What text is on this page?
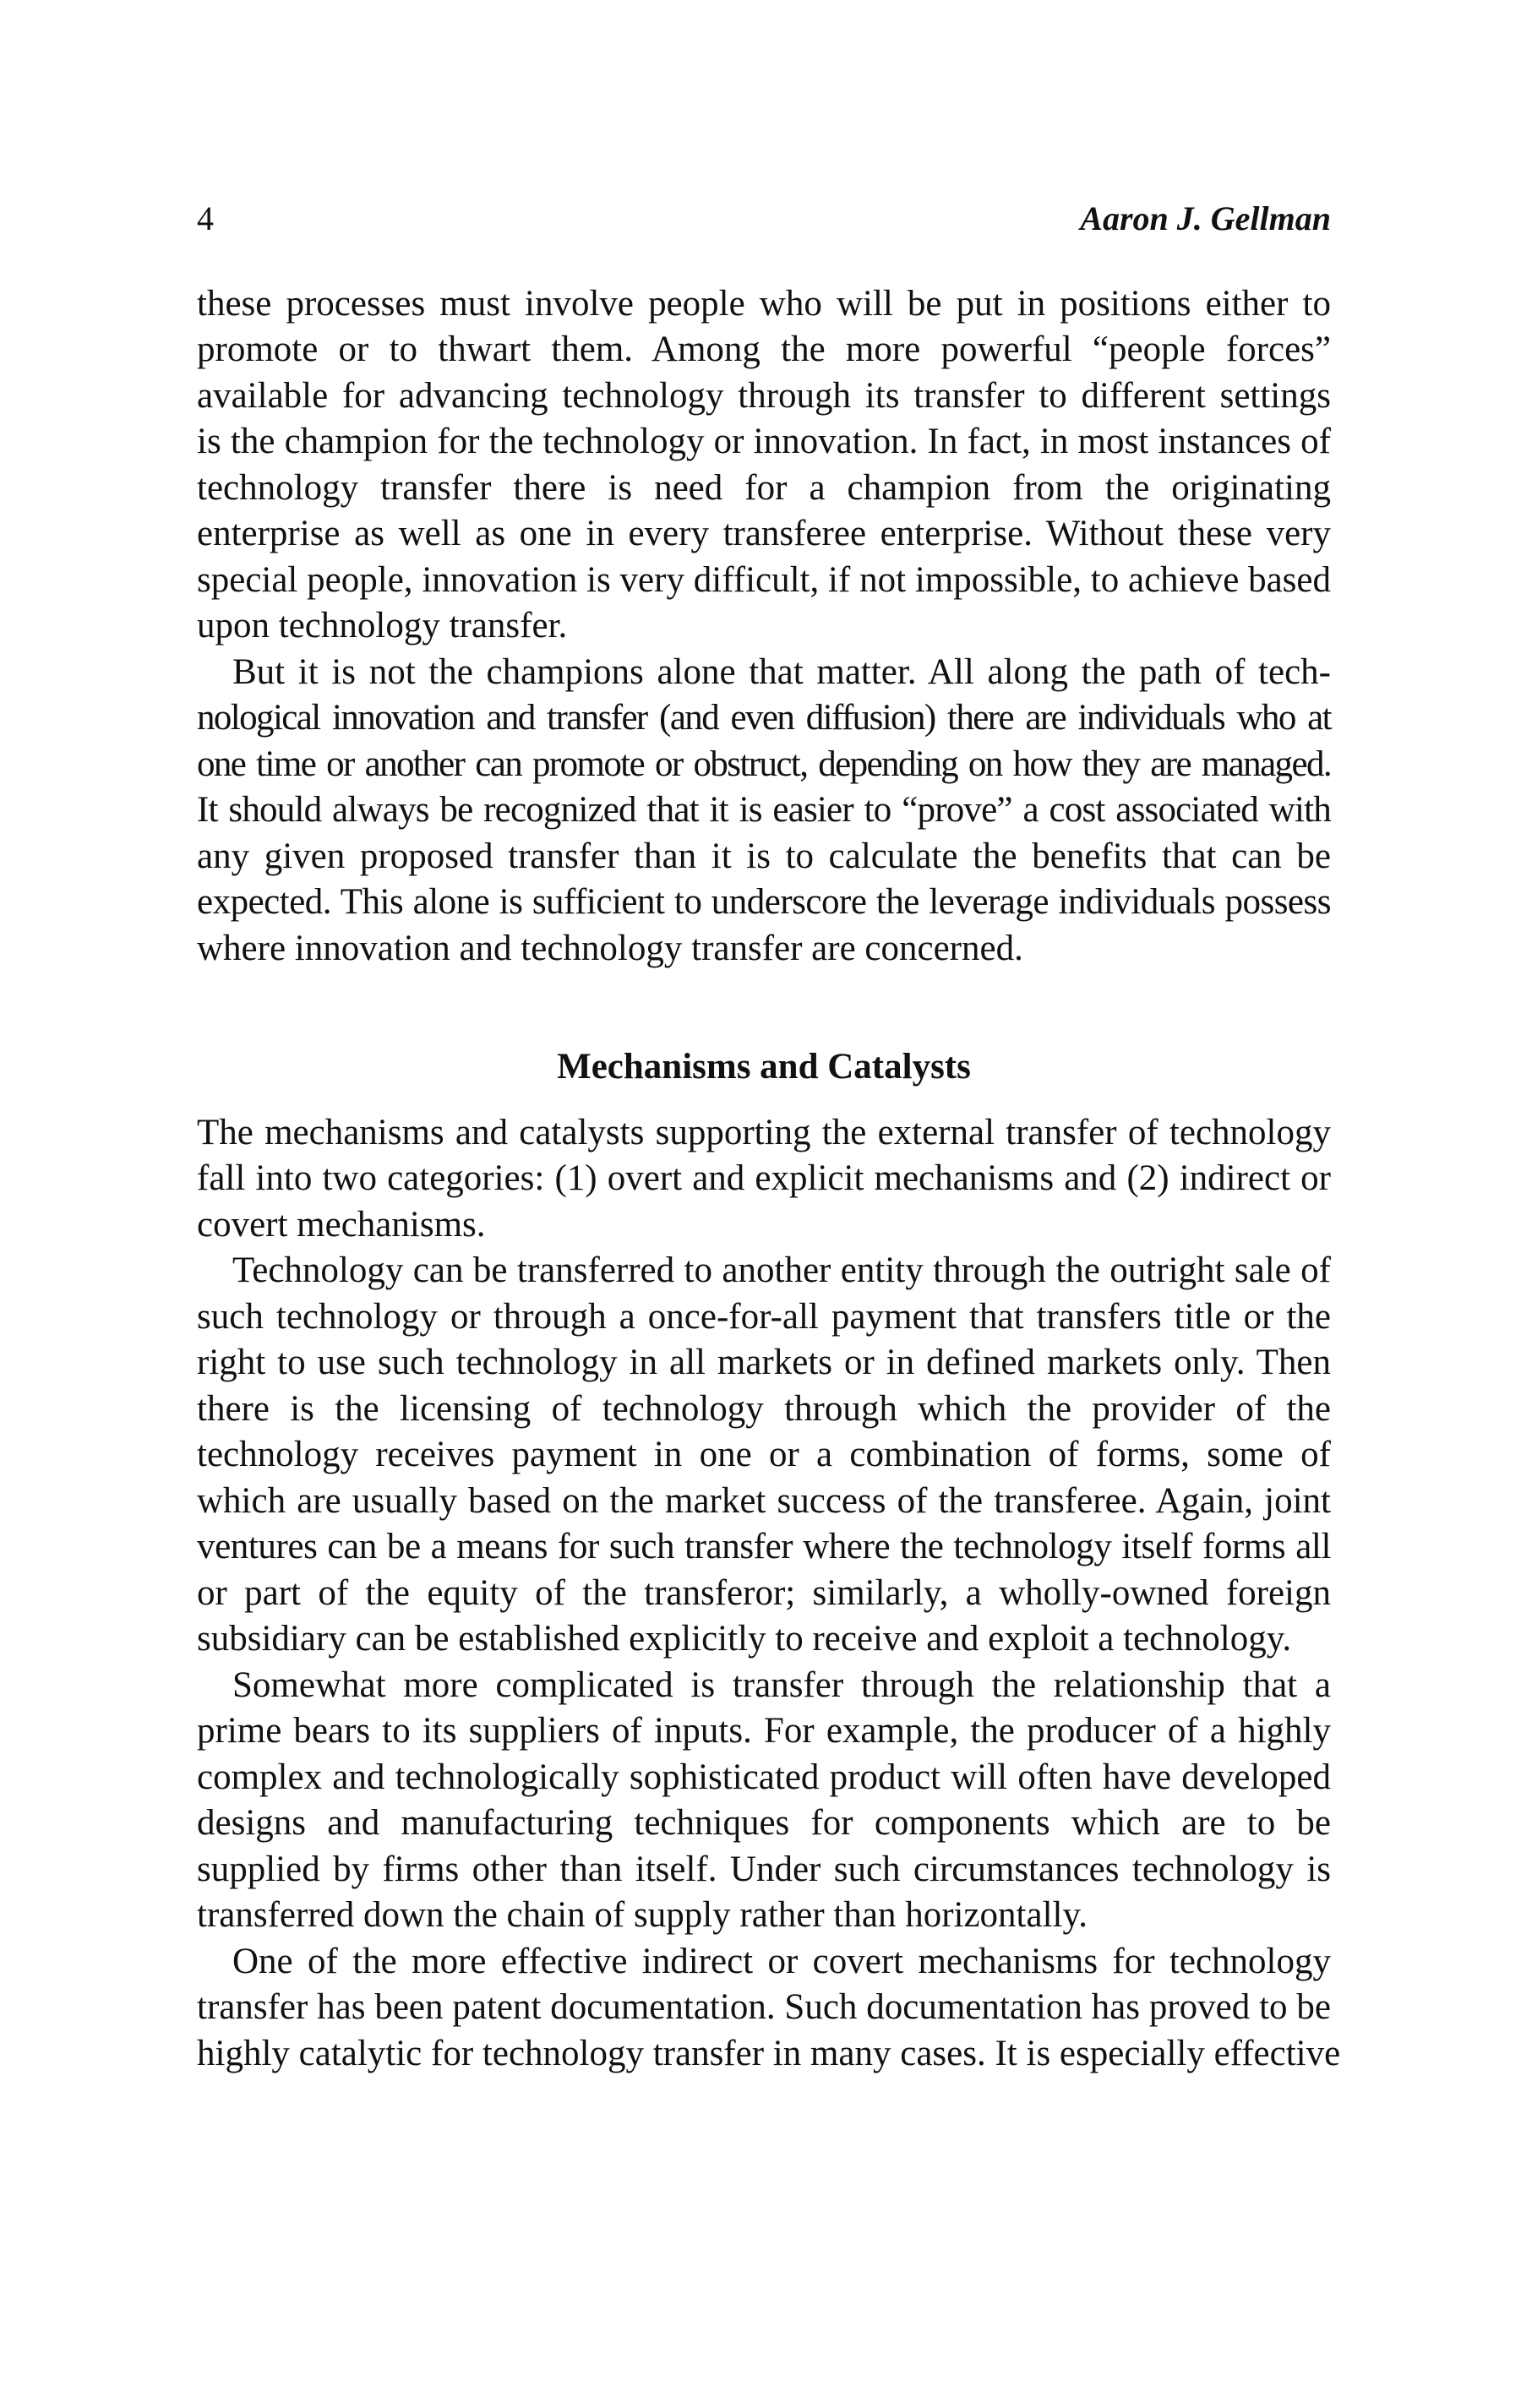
4	Aaron J. Gellman
these processes must involve people who will be put in positions either to
promote or to thwart them. Among the more powerful “people forces”
available for advancing technology through its transfer to different settings
is the champion for the technology or innovation. In fact, in most instances of
technology transfer there is need for a champion from the originating
enterprise as well as one in every transferee enterprise. Without these very
special people, innovation is very difficult, if not impossible, to achieve based
upon technology transfer.
But it is not the champions alone that matter. All along the path of tech-
nological innovation and transfer (and even diffusion) there are individuals who at
one time or another can promote or obstruct, depending on how they are managed.
It should always be recognized that it is easier to “prove” a cost associated with
any given proposed transfer than it is to calculate the benefits that can be
expected. This alone is sufficient to underscore the leverage individuals possess
where innovation and technology transfer are concerned.
Mechanisms and Catalysts
The mechanisms and catalysts supporting the external transfer of technology
fall into two categories: (1) overt and explicit mechanisms and (2) indirect or
covert mechanisms.
Technology can be transferred to another entity through the outright sale of
such technology or through a once-for-all payment that transfers title or the
right to use such technology in all markets or in defined markets only. Then
there is the licensing of technology through which the provider of the
technology receives payment in one or a combination of forms, some of
which are usually based on the market success of the transferee. Again, joint
ventures can be a means for such transfer where the technology itself forms all
or part of the equity of the transferor; similarly, a wholly-owned foreign
subsidiary can be established explicitly to receive and exploit a technology.
Somewhat more complicated is transfer through the relationship that a
prime bears to its suppliers of inputs. For example, the producer of a highly
complex and technologically sophisticated product will often have developed
designs and manufacturing techniques for components which are to be
supplied by firms other than itself. Under such circumstances technology is
transferred down the chain of supply rather than horizontally.
One of the more effective indirect or covert mechanisms for technology
transfer has been patent documentation. Such documentation has proved to be
highly catalytic for technology transfer in many cases. It is especially effective
